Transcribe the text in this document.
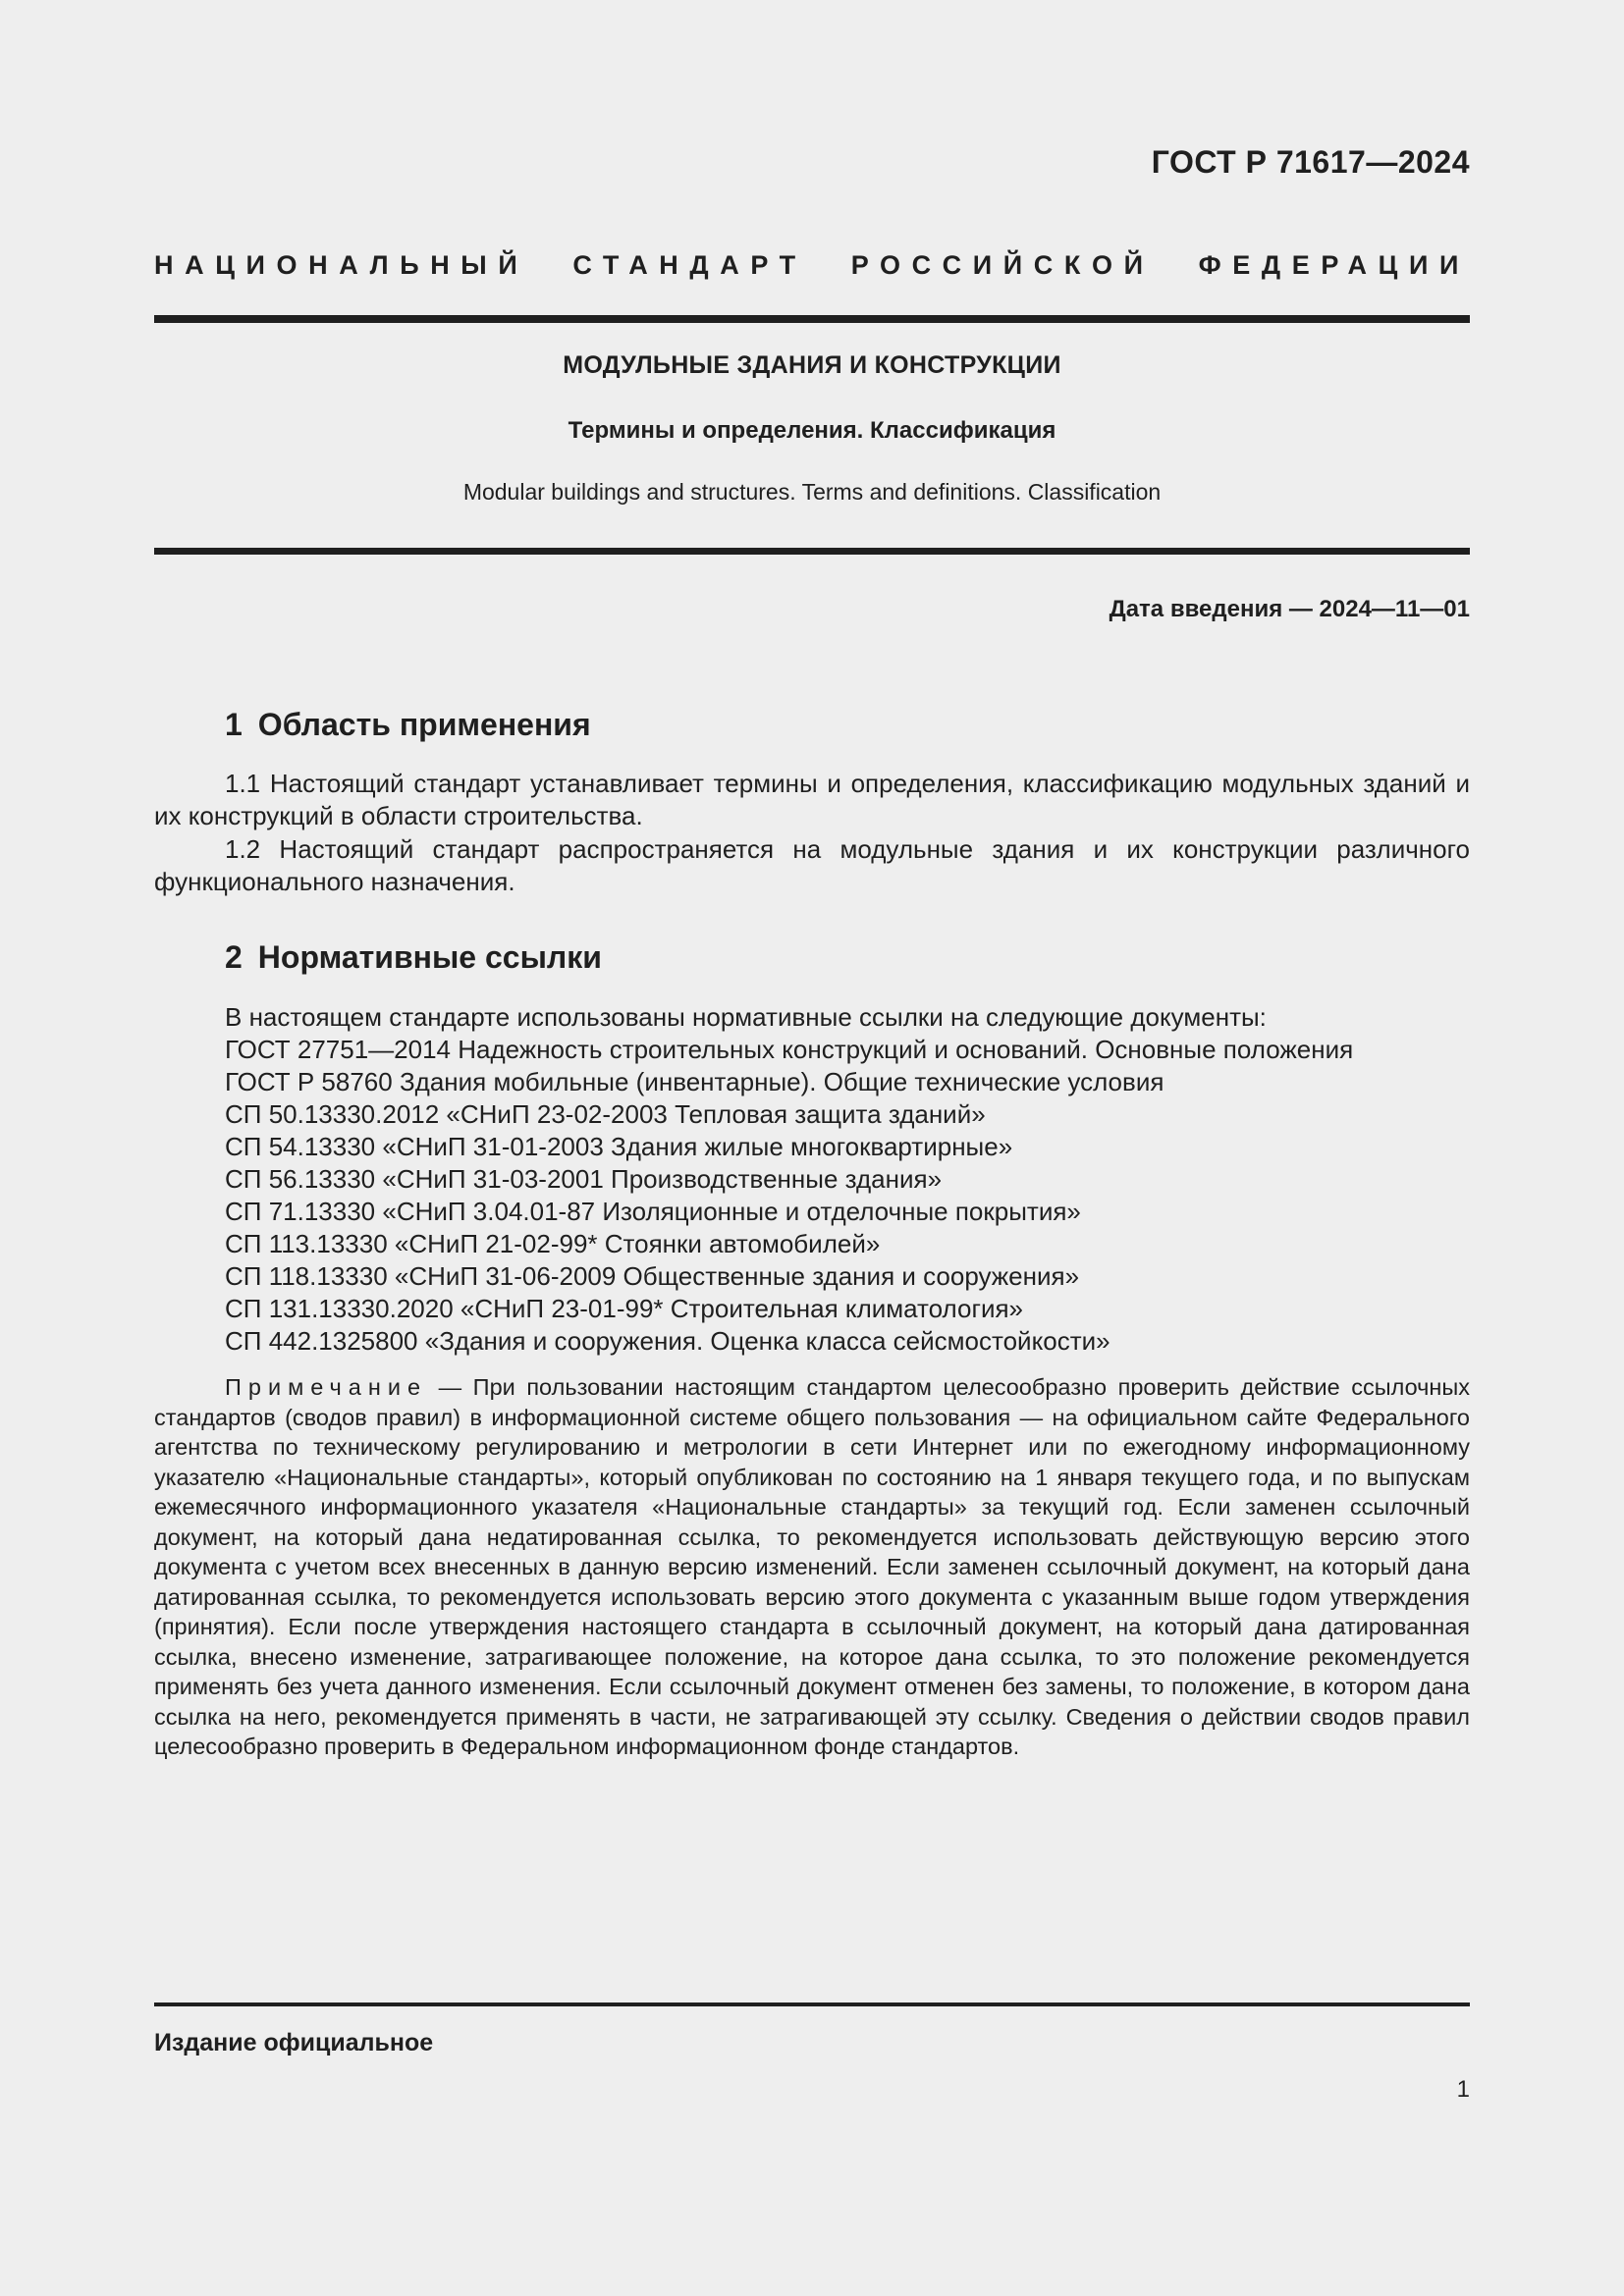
ГОСТ Р 71617—2024
НАЦИОНАЛЬНЫЙ СТАНДАРТ РОССИЙСКОЙ ФЕДЕРАЦИИ
МОДУЛЬНЫЕ ЗДАНИЯ И КОНСТРУКЦИИ
Термины и определения. Классификация
Modular buildings and structures. Terms and definitions. Classification
Дата введения — 2024—11—01
1 Область применения
1.1 Настоящий стандарт устанавливает термины и определения, классификацию модульных зданий и их конструкций в области строительства.
1.2 Настоящий стандарт распространяется на модульные здания и их конструкции различного функционального назначения.
2 Нормативные ссылки
В настоящем стандарте использованы нормативные ссылки на следующие документы:
ГОСТ 27751—2014 Надежность строительных конструкций и оснований. Основные положения
ГОСТ Р 58760 Здания мобильные (инвентарные). Общие технические условия
СП 50.13330.2012 «СНиП 23-02-2003 Тепловая защита зданий»
СП 54.13330 «СНиП 31-01-2003 Здания жилые многоквартирные»
СП 56.13330 «СНиП 31-03-2001 Производственные здания»
СП 71.13330 «СНиП 3.04.01-87 Изоляционные и отделочные покрытия»
СП 113.13330 «СНиП 21-02-99* Стоянки автомобилей»
СП 118.13330 «СНиП 31-06-2009 Общественные здания и сооружения»
СП 131.13330.2020 «СНиП 23-01-99* Строительная климатология»
СП 442.1325800 «Здания и сооружения. Оценка класса сейсмостойкости»
Примечание — При пользовании настоящим стандартом целесообразно проверить действие ссылочных стандартов (сводов правил) в информационной системе общего пользования — на официальном сайте Федерального агентства по техническому регулированию и метрологии в сети Интернет или по ежегодному информационному указателю «Национальные стандарты», который опубликован по состоянию на 1 января текущего года, и по выпускам ежемесячного информационного указателя «Национальные стандарты» за текущий год. Если заменен ссылочный документ, на который дана недатированная ссылка, то рекомендуется использовать действующую версию этого документа с учетом всех внесенных в данную версию изменений. Если заменен ссылочный документ, на который дана датированная ссылка, то рекомендуется использовать версию этого документа с указанным выше годом утверждения (принятия). Если после утверждения настоящего стандарта в ссылочный документ, на который дана датированная ссылка, внесено изменение, затрагивающее положение, на которое дана ссылка, то это положение рекомендуется применять без учета данного изменения. Если ссылочный документ отменен без замены, то положение, в котором дана ссылка на него, рекомендуется применять в части, не затрагивающей эту ссылку. Сведения о действии сводов правил целесообразно проверить в Федеральном информационном фонде стандартов.
Издание официальное
1
